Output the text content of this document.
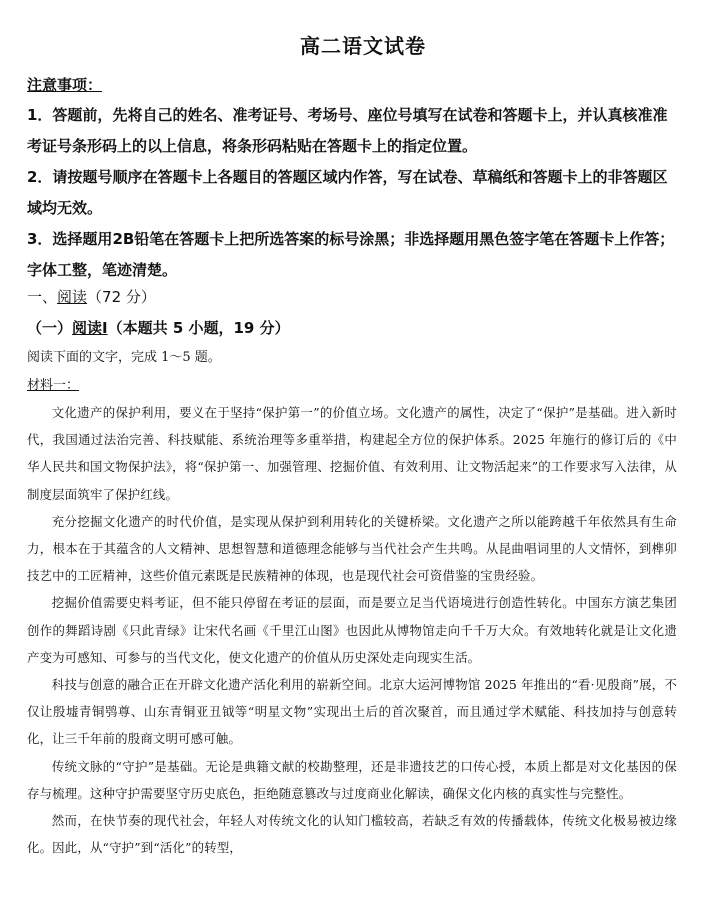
高二语文试卷
注意事项：

1．答题前，先将自己的姓名、准考证号、考场号、座位号填写在试卷和答题卡上，并认真核准准考证号条形码上的以上信息，将条形码粘贴在答题卡上的指定位置。

2．请按题号顺序在答题卡上各题目的答题区域内作答，写在试卷、草稿纸和答题卡上的非答题区域均无效。

3．选择题用2B铅笔在答题卡上把所选答案的标号涂黑；非选择题用黑色签字笔在答题卡上作答；字体工整，笔迹清楚。

一、阅读（72 分）
（一）阅读Ⅰ（本题共 5 小题，19 分）
阅读下面的文字，完成 1～5 题。
材料一：

文化遗产的保护利用，要义在于坚持“保护第一”的价值立场。文化遗产的属性，决定了“保护”是基础。进入新时代，我国通过法治完善、科技赋能、系统治理等多重举措，构建起全方位的保护体系。2025 年施行的修订后的《中华人民共和国文物保护法》，将“保护第一、加强管理、挖掘价值、有效利用、让文物活起来”的工作要求写入法律，从制度层面筑牢了保护红线。

充分挖掘文化遗产的时代价值，是实现从保护到利用转化的关键桥梁。文化遗产之所以能跨越千年依然具有生命力，根本在于其蕴含的人文精神、思想智慧和道德理念能够与当代社会产生共鸣。从昆曲唱词里的人文情怀，到榫卯技艺中的工匠精神，这些价值元素既是民族精神的体现，也是现代社会可资借鉴的宝贵经验。

挖掘价值需要史料考证，但不能只停留在考证的层面，而是要立足当代语境进行创造性转化。中国东方演艺集团创作的舞蹈诗剧《只此青绿》让宋代名画《千里江山图》也因此从博物馆走向千千万大众。有效地转化就是让文化遗产变为可感知、可参与的当代文化，使文化遗产的价值从历史深处走向现实生活。

科技与创意的融合正在开辟文化遗产活化利用的崭新空间。北京大运河博物馆 2025 年推出的“看·见殷商”展，不仅让殷墟青铜鸮尊、山东青铜亚丑钺等“明星文物”实现出土后的首次聚首，而且通过学术赋能、科技加持与创意转化，让三千年前的殷商文明可感可触。

传统文脉的“守护”是基础。无论是典籍文献的校勘整理，还是非遗技艺的口传心授，本质上都是对文化基因的保存与梳理。这种守护需要坚守历史底色，拒绝随意篡改与过度商业化解读，确保文化内核的真实性与完整性。

然而，在快节奏的现代社会，年轻人对传统文化的认知门槛较高，若缺乏有效的传播载体，传统文化极易被边缘化。因此，从“守护”到“活化”的转型，
